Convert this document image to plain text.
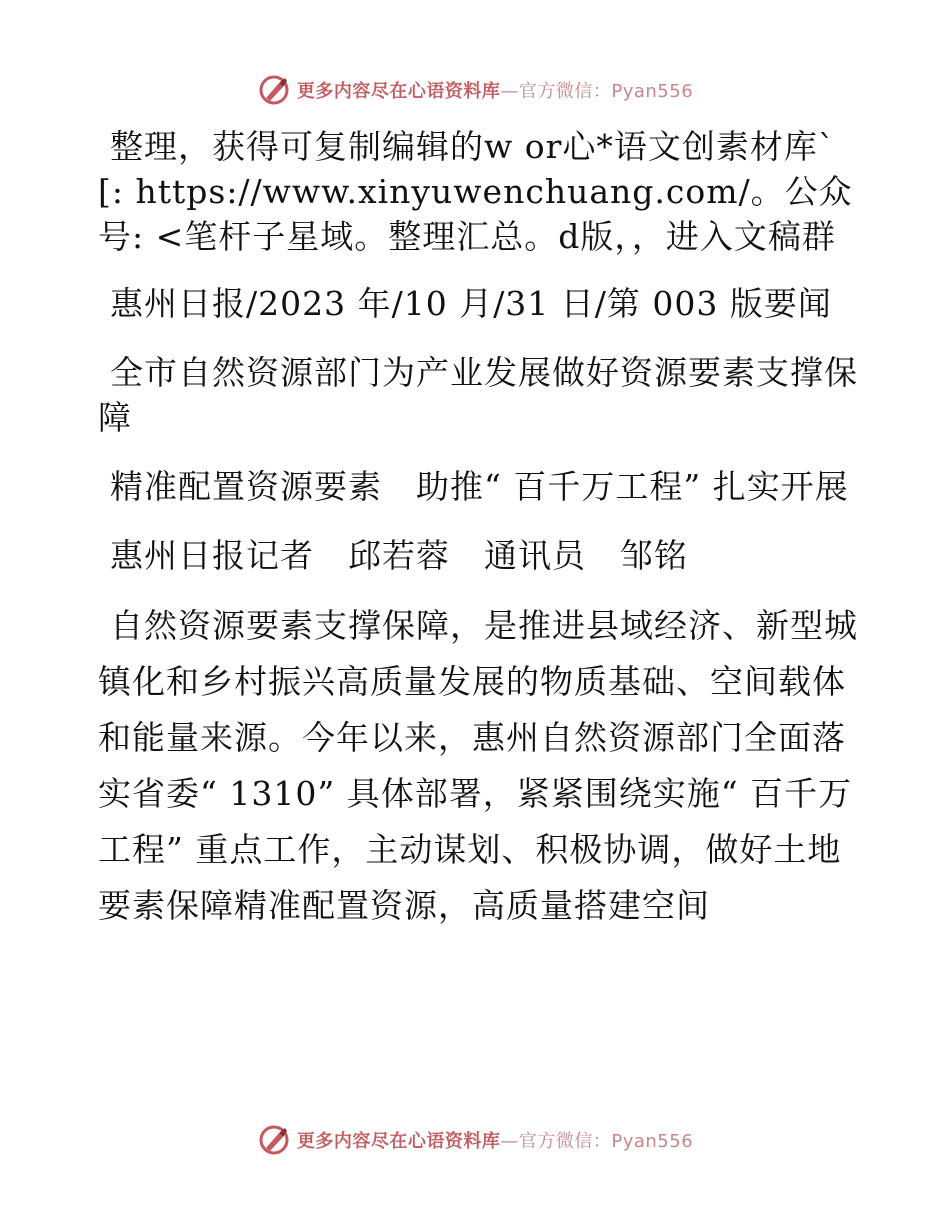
更多内容尽在心语资料库—官方微信：Pyan556

整理，获得可复制编辑的w or心*语文创素材库`[: https://www.xinyuwenchuang.com/。公众号: <笔杆子星域。整理汇总。d版，，进入文稿群

惠州日报/2023 年/10 月/31 日/第 003 版要闻

全市自然资源部门为产业发展做好资源要素支撑保障

精准配置资源要素　助推“ 百千万工程” 扎实开展

惠州日报记者　邱若蓉　通讯员　邹铭

自然资源要素支撑保障，是推进县域经济、新型城镇化和乡村振兴高质量发展的物质基础、空间载体和能量来源。今年以来，惠州自然资源部门全面落实省委“ 1310” 具体部署，紧紧围绕实施“ 百千万工程” 重点工作，主动谋划、积极协调，做好土地要素保障精准配置资源，高质量搭建空间

更多内容尽在心语资料库—官方微信：Pyan556
